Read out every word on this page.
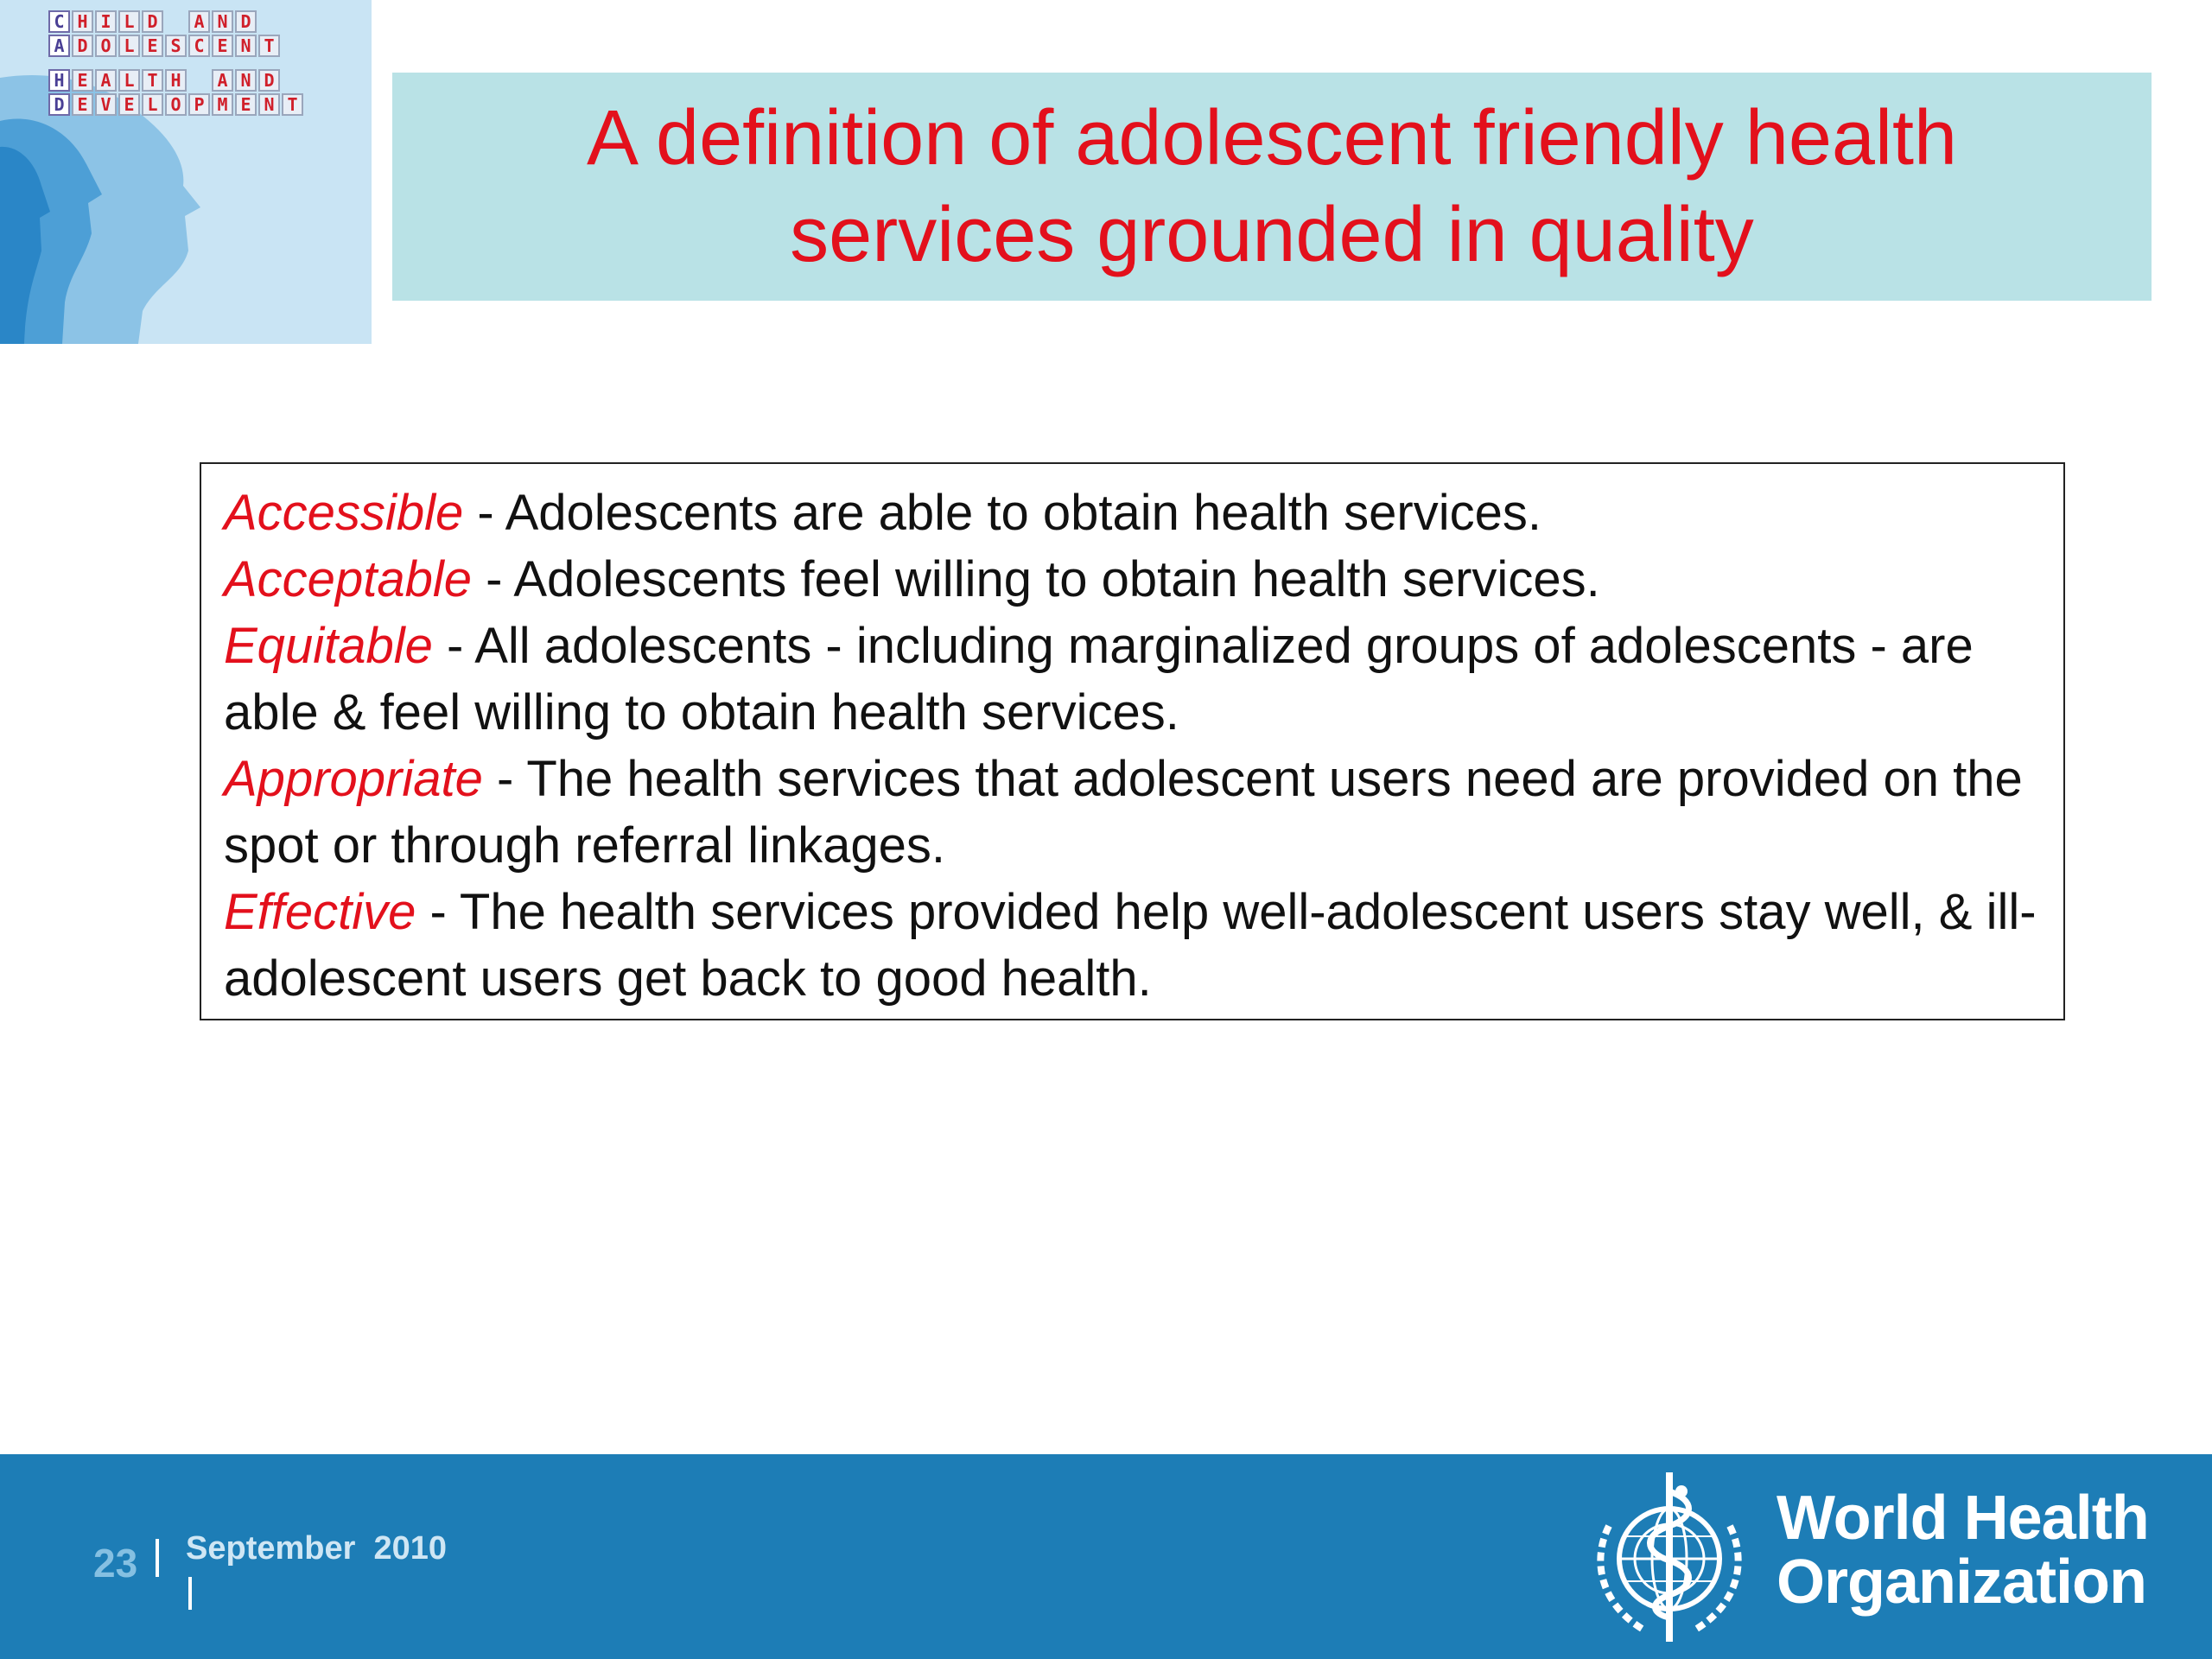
C H I L D	A N D
A D O L E S C E N T
H E A L T H	A N D
D E V E L O P M E N T	A definition of adolescent friendly health services grounded in quality

Accessible - Adolescents are able to obtain health services.

Acceptable - Adolescents feel willing to obtain health services.

Equitable - All adolescents - including marginalized groups of adolescents - are able & feel willing to obtain health services.

Appropriate - The health services that adolescent users need are provided on the spot or through referral linkages.

Effective - The health services provided help well-adolescent users stay well, & ill-adolescent users get back to good health.

23 September  2010	World Health
Organization
